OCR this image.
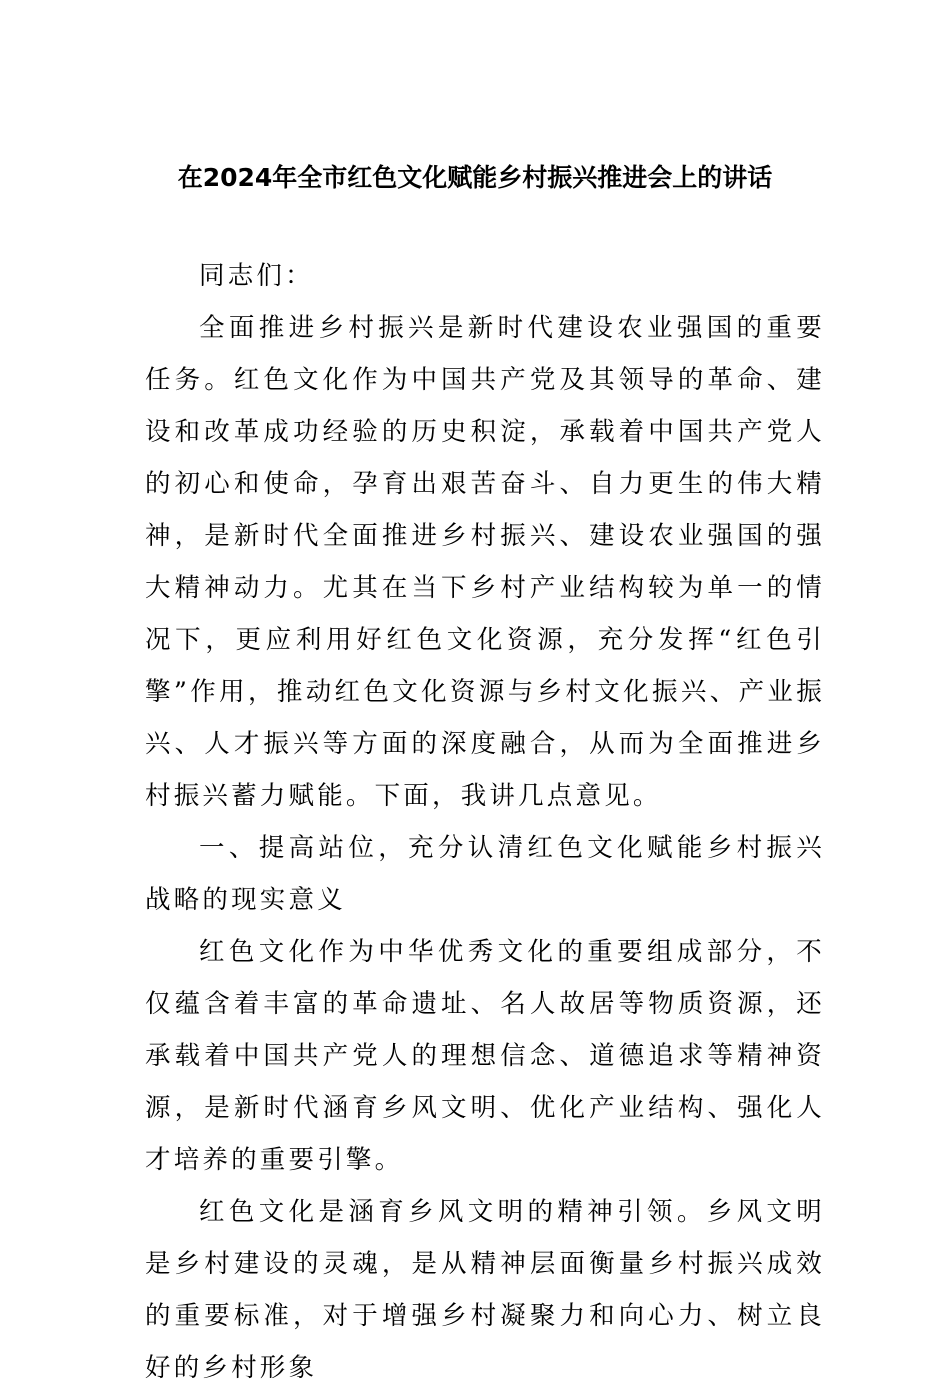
在2024年全市红色文化赋能乡村振兴推进会上的讲话

同志们：

全面推进乡村振兴是新时代建设农业强国的重要任务。红色文化作为中国共产党及其领导的革命、建设和改革成功经验的历史积淀，承载着中国共产党人的初心和使命，孕育出艰苦奋斗、自力更生的伟大精神，是新时代全面推进乡村振兴、建设农业强国的强大精神动力。尤其在当下乡村产业结构较为单一的情况下，更应利用好红色文化资源，充分发挥“红色引擎”作用，推动红色文化资源与乡村文化振兴、产业振兴、人才振兴等方面的深度融合，从而为全面推进乡村振兴蓄力赋能。下面，我讲几点意见。

一、提高站位，充分认清红色文化赋能乡村振兴战略的现实意义

红色文化作为中华优秀文化的重要组成部分，不仅蕴含着丰富的革命遗址、名人故居等物质资源，还承载着中国共产党人的理想信念、道德追求等精神资源，是新时代涵育乡风文明、优化产业结构、强化人才培养的重要引擎。

红色文化是涵育乡风文明的精神引领。乡风文明是乡村建设的灵魂，是从精神层面衡量乡村振兴成效的重要标准，对于增强乡村凝聚力和向心力、树立良好的乡村形象
